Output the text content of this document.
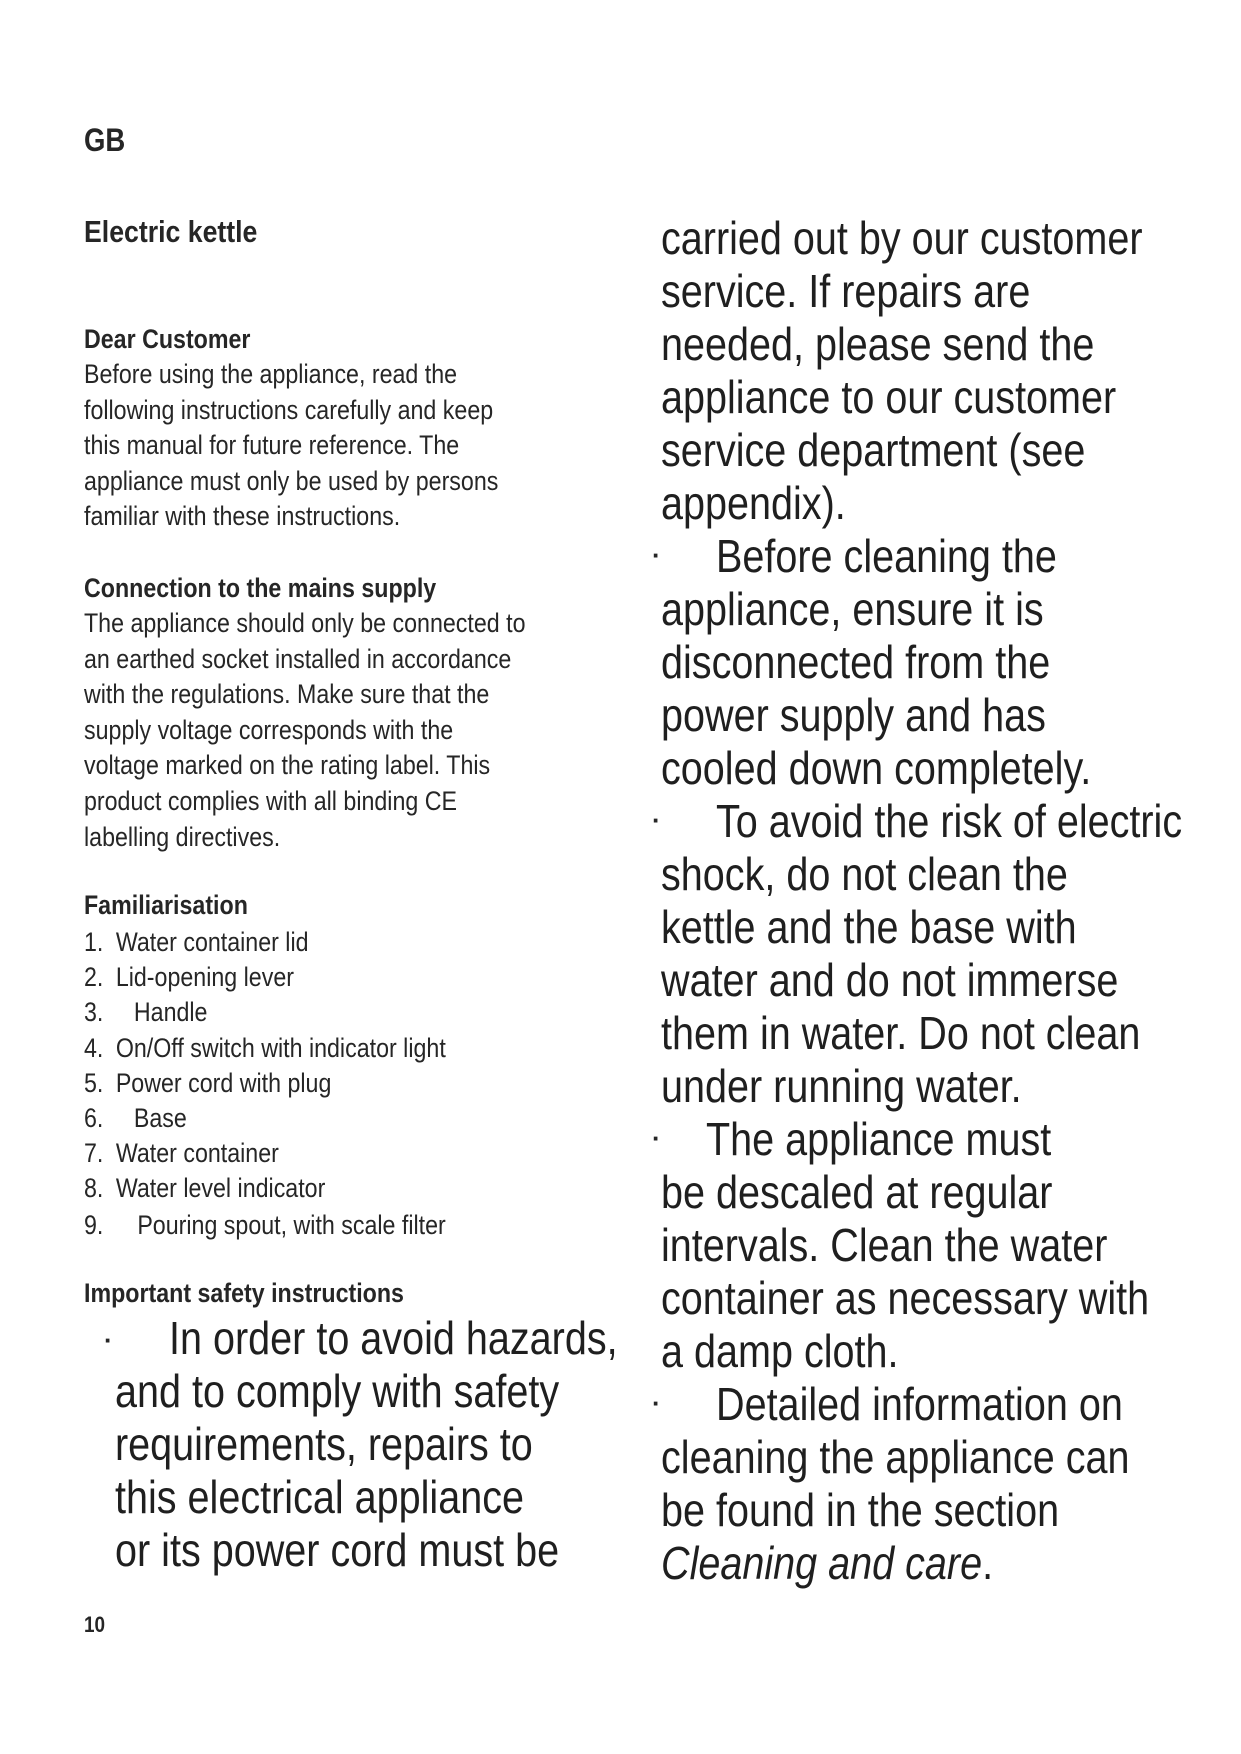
GB
Electric kettle
Dear Customer
Before using the appliance, read the
following instructions carefully and keep
this manual for future reference. The
appliance must only be used by persons
familiar with these instructions.
Connection to the mains supply
The appliance should only be connected to
an earthed socket installed in accordance
with the regulations. Make sure that the
supply voltage corresponds with the
voltage marked on the rating label. This
product complies with all binding CE
labelling directives.
Familiarisation
1. Water container lid
2. Lid-opening lever
3. Handle
4. On/Off switch with indicator light
5. Power cord with plug
6. Base
7. Water container
8. Water level indicator
9. Pouring spout, with scale filter
Important safety instructions
· In order to avoid hazards,
and to comply with safety
requirements, repairs to
this electrical appliance
or its power cord must be
carried out by our customer
service. If repairs are
needed, please send the
appliance to our customer
service department (see
appendix).
· Before cleaning the
appliance, ensure it is
disconnected from the
power supply and has
cooled down completely.
· To avoid the risk of electric
shock, do not clean the
kettle and the base with
water and do not immerse
them in water. Do not clean
under running water.
· The appliance must
be descaled at regular
intervals. Clean the water
container as necessary with
a damp cloth.
· Detailed information on
cleaning the appliance can
be found in the section
Cleaning and care.
10
